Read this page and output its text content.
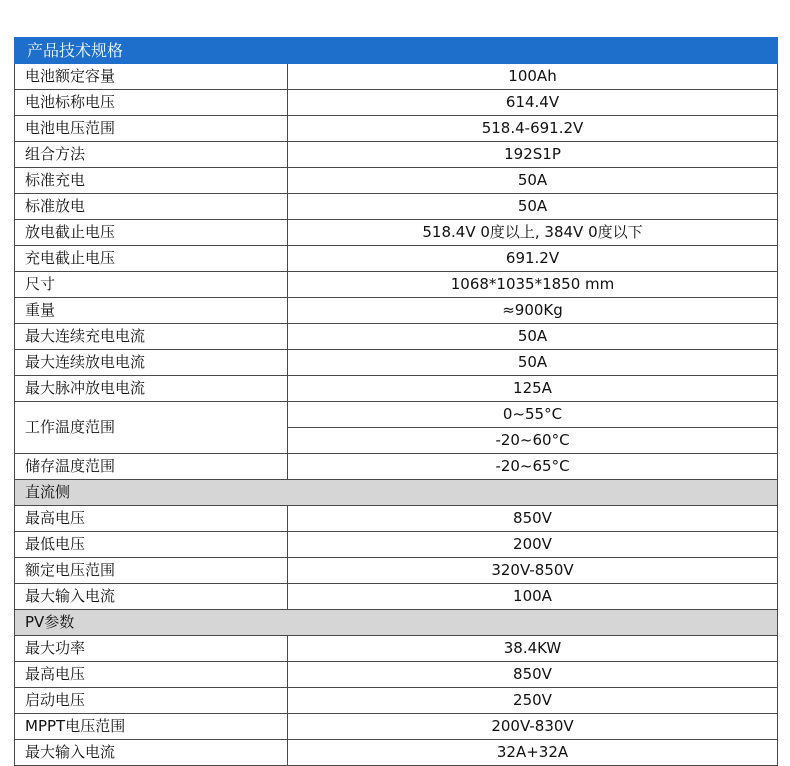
产品技术规格	
电池额定容量	100Ah
电池标称电压	614.4V
电池电压范围	518.4-691.2V
组合方法	192S1P
标准充电	50A
标准放电	50A
放电截止电压	518.4V 0度以上, 384V 0度以下
充电截止电压	691.2V
尺寸	1068*1035*1850 mm
重量	≈900Kg
最大连续充电电流	50A
最大连续放电电流	50A
最大脉冲放电电流	125A
工作温度范围	0~55°C
	-20~60°C
储存温度范围	-20~65°C
直流侧	
最高电压	850V
最低电压	200V
额定电压范围	320V-850V
最大输入电流	100A
PV参数	
最大功率	38.4KW
最高电压	850V
启动电压	250V
MPPT电压范围	200V-830V
最大输入电流	32A+32A
